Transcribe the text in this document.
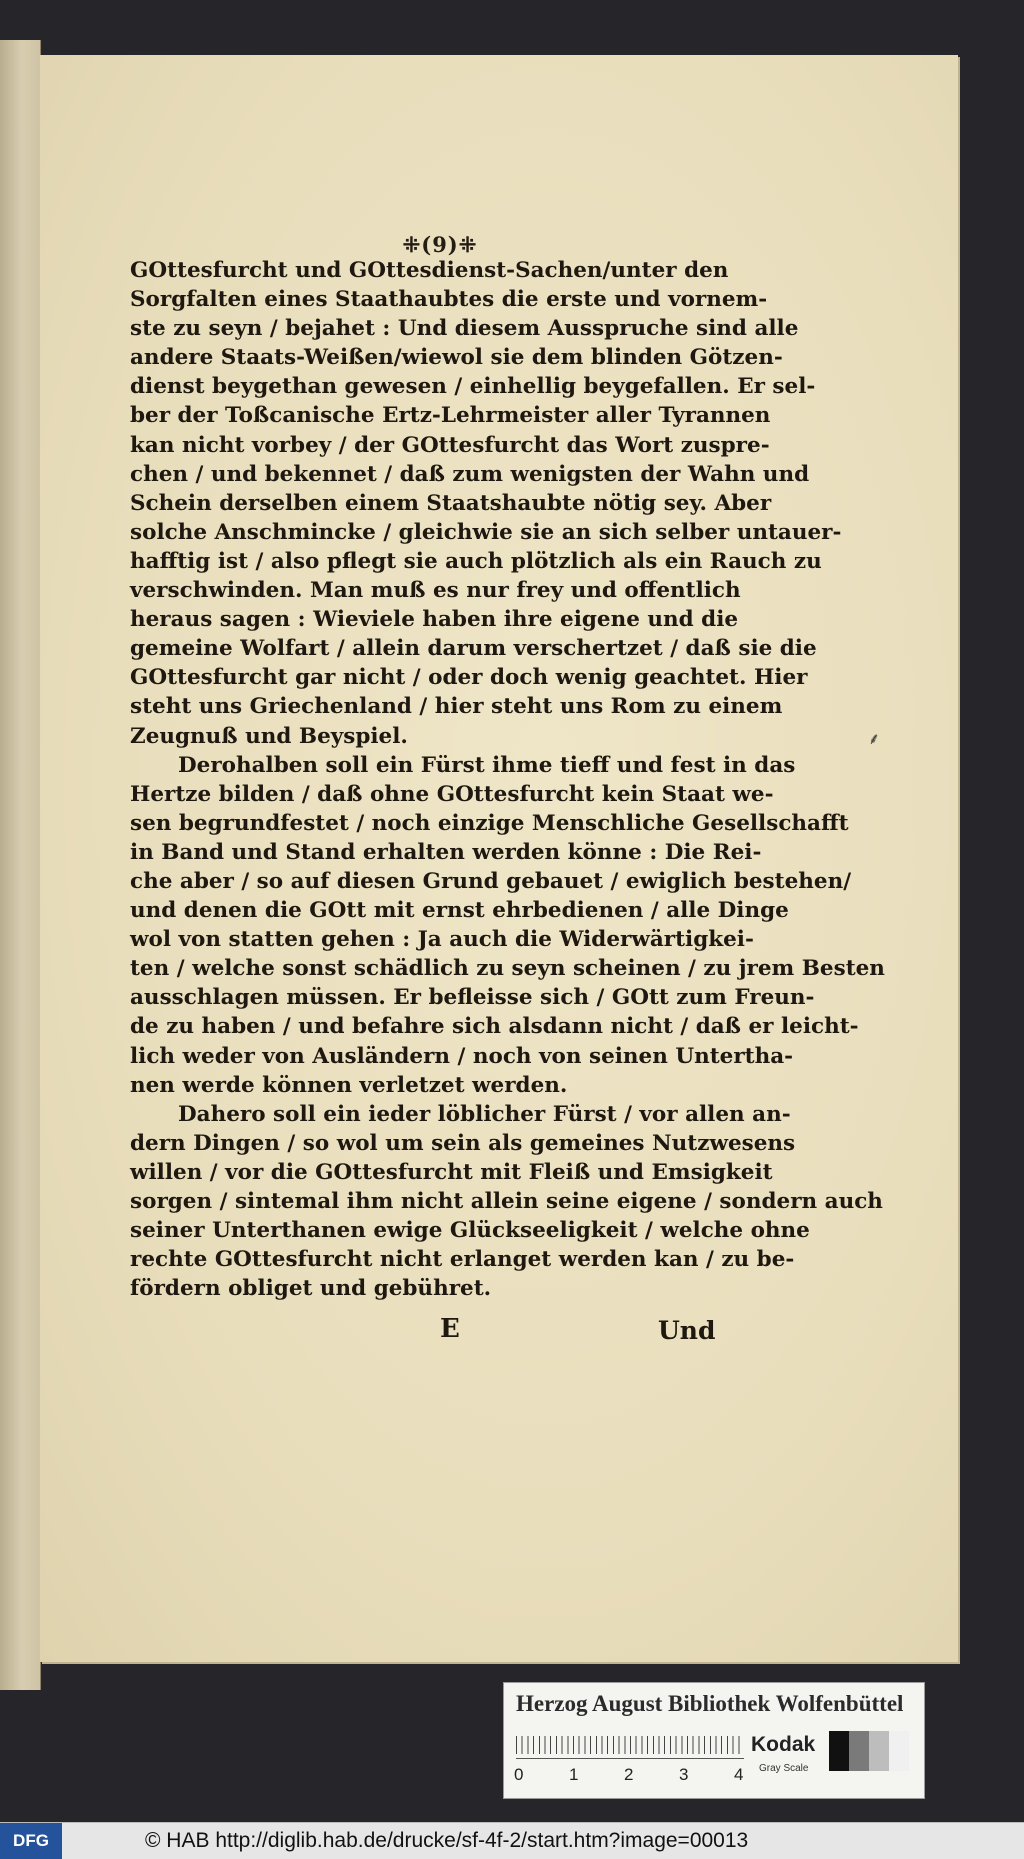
⁜(9)⁜
GOttesfurcht und GOttesdienst-Sachen/unter den
Sorgfalten eines Staathaubtes die erste und vornem-
ste zu seyn / bejahet : Und diesem Ausspruche sind alle
andere Staats-Weißen/wiewol sie dem blinden Götzen-
dienst beygethan gewesen / einhellig beygefallen. Er sel-
ber der Toßcanische Ertz-Lehrmeister aller Tyrannen
kan nicht vorbey / der GOttesfurcht das Wort zusprе-
chen / und bekennet / daß zum wenigsten der Wahn und
Schein derselben einem Staatshaubte nötig sey. Aber
solche Anschmincke / gleichwie sie an sich selber untauer-
hafftig ist / also pflegt sie auch plötzlich als ein Rauch zu
verschwinden. Man muß es nur frey und offentlich
heraus sagen : Wieviele haben ihre eigene und die
gemeine Wolfart / allein darum verschertzet / daß sie die
GOttesfurcht gar nicht / oder doch wenig geachtet. Hier
steht uns Griechenland / hier steht uns Rom zu einem
Zeugnuß und Beyspiel.
Derohalben soll ein Fürst ihme tieff und fest in das
Hertze bilden / daß ohne GOttesfurcht kein Staat we-
sen begrundfestet / noch einzige Menschliche Gesellschafft
in Band und Stand erhalten werden könne : Die Rei-
che aber / so auf diesen Grund gebauet / ewiglich bestehen/
und denen die GOtt mit ernst ehrbedienen / alle Dinge
wol von statten gehen : Ja auch die Widerwärtigkei-
ten / welche sonst schädlich zu seyn scheinen / zu jrem Besten
ausschlagen müssen. Er befleisse sich / GOtt zum Freun-
de zu haben / und befahre sich alsdann nicht / daß er leicht-
lich weder von Ausländern / noch von seinen Untertha-
nen werde können verletzet werden.
Dahero soll ein ieder löblicher Fürst / vor allen an-
dern Dingen / so wol um sein als gemeines Nutzwesens
willen / vor die GOttesfurcht mit Fleiß und Emsigkeit
sorgen / sintemal ihm nicht allein seine eigene / sondern auch
seiner Unterthanen ewige Glückseeligkeit / welche ohne
rechte GOttesfurcht nicht erlanget werden kan / zu be-
fördern obliget und gebühret.
E	Und
⸙
Herzog August Bibliothek Wolfenbüttel
0	1	2	3	4
Kodak
Gray Scale
DFG	© HAB http://diglib.hab.de/drucke/sf-4f-2/start.htm?image=00013
